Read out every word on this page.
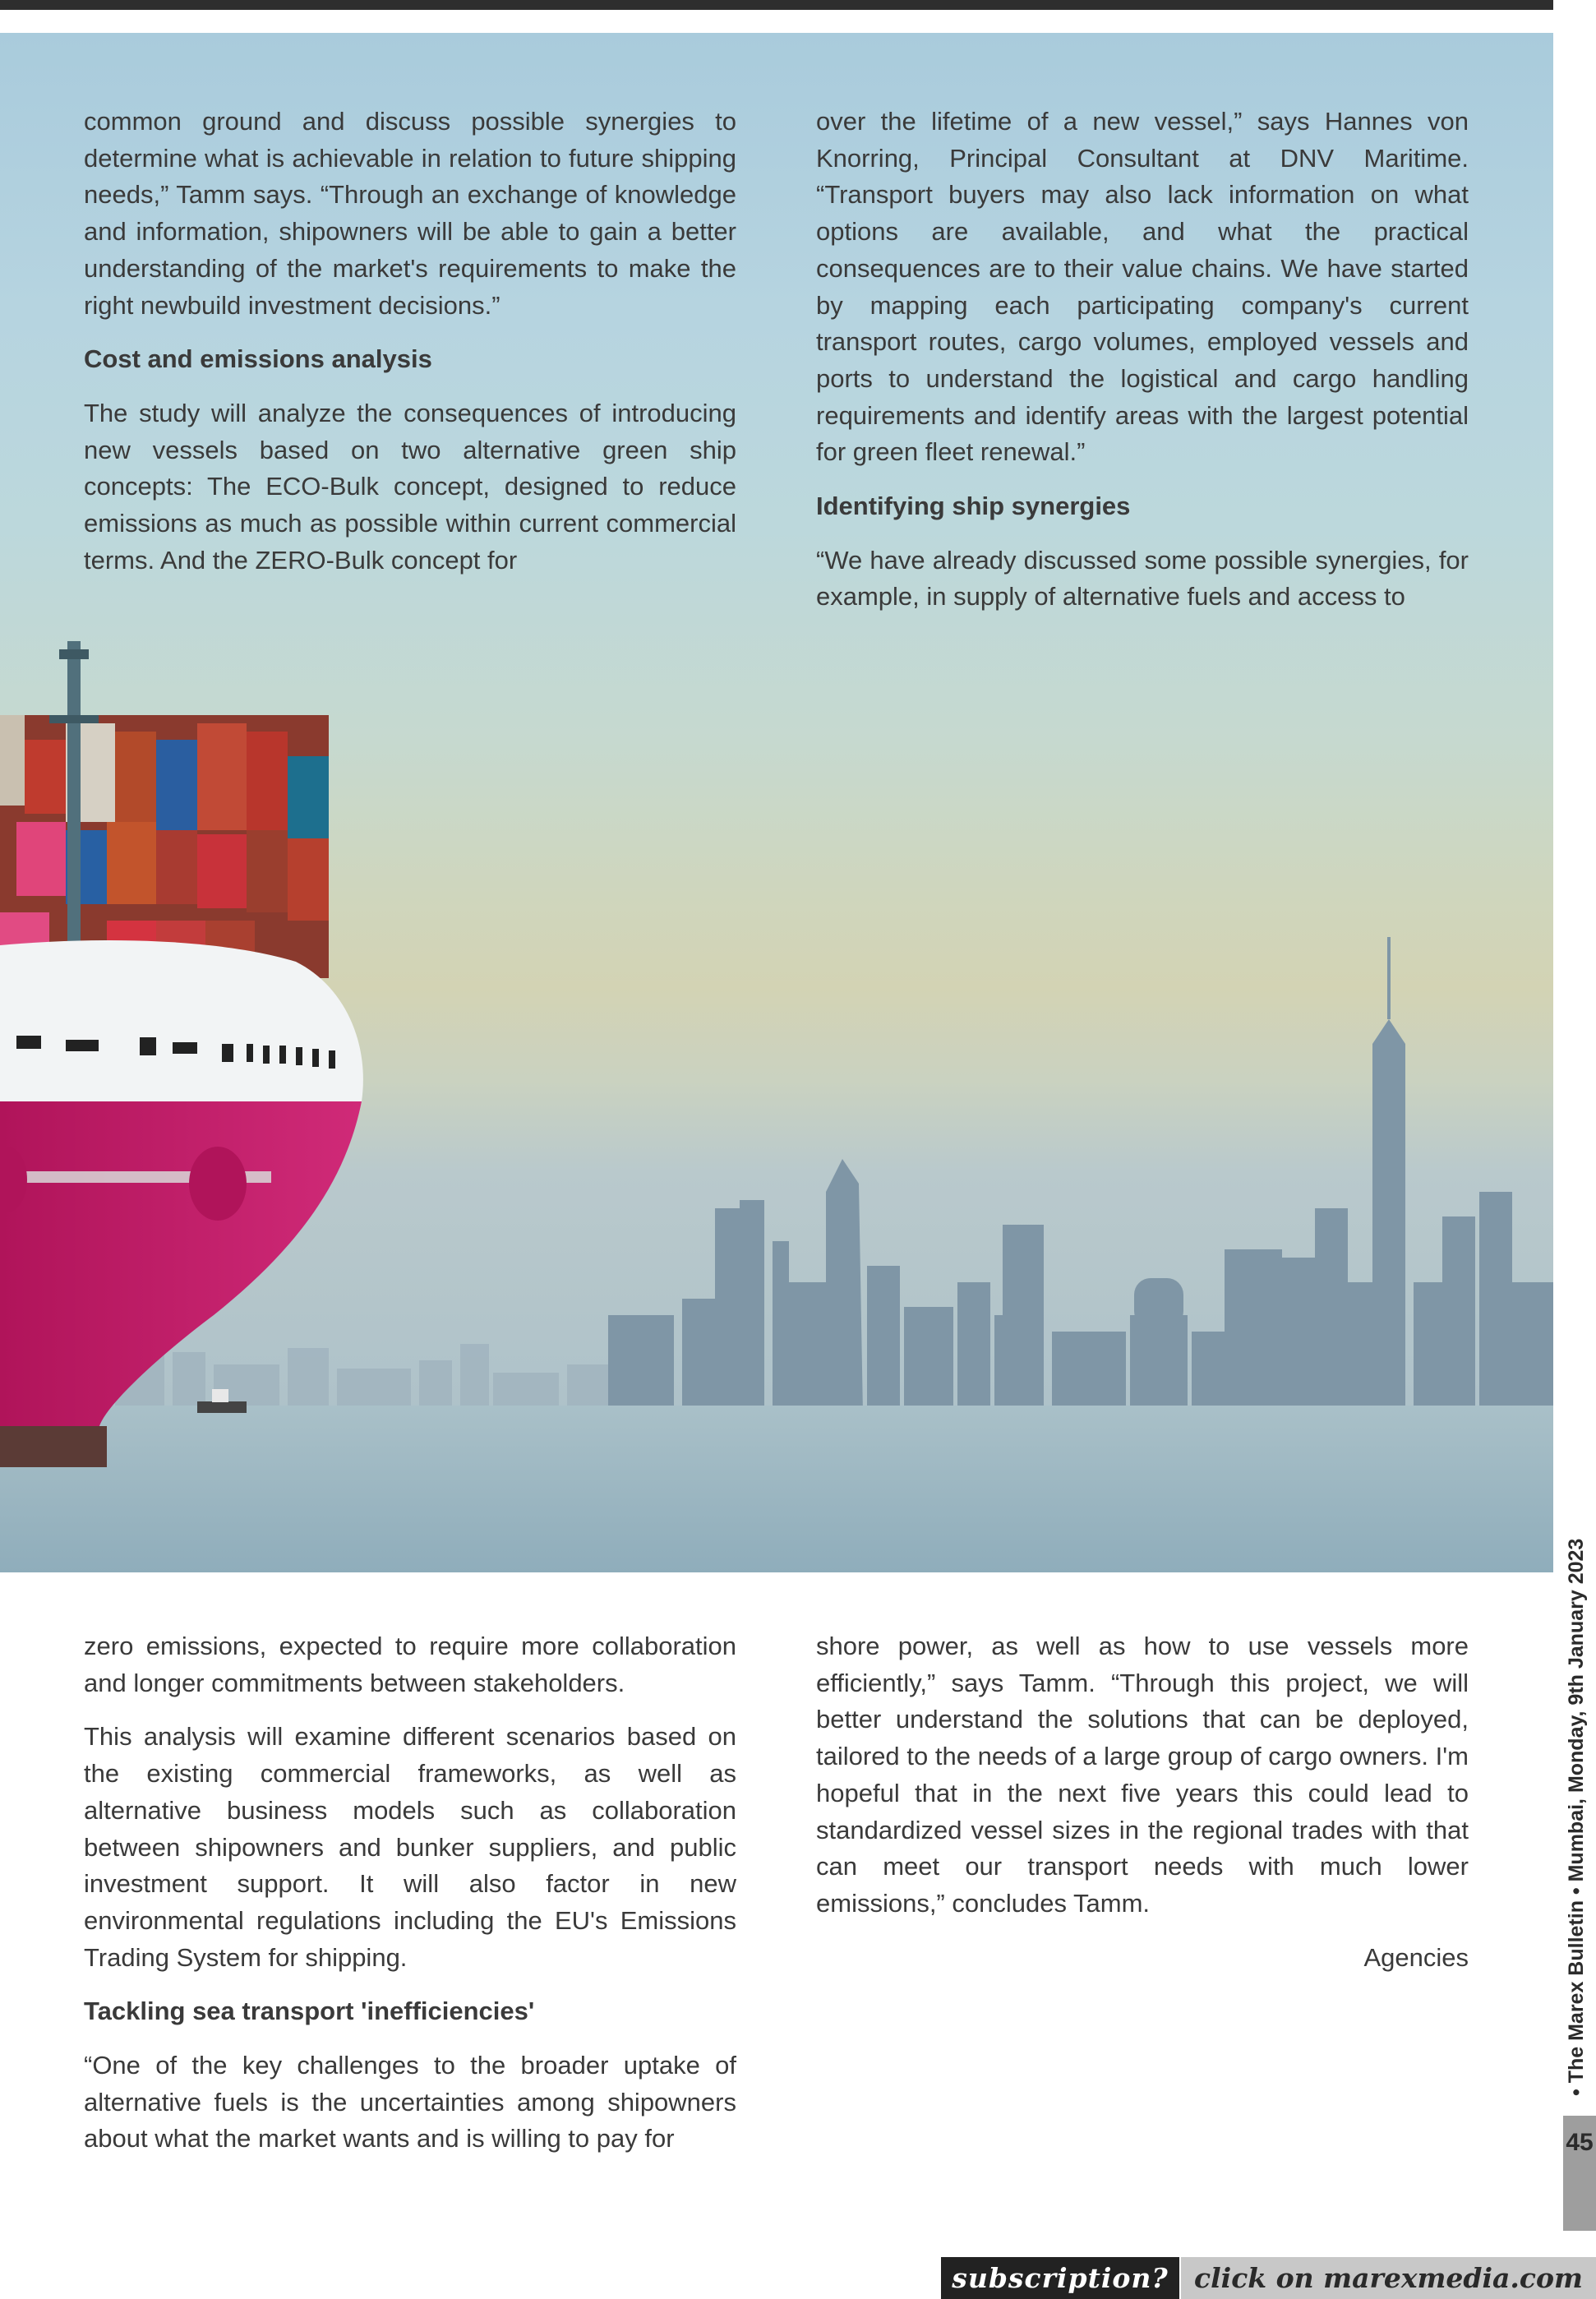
common ground and discuss possible synergies to determine what is achievable in relation to future shipping needs,” Tamm says. “Through an exchange of knowledge and information, shipowners will be able to gain a better understanding of the market's requirements to make the right newbuild investment decisions.”

Cost and emissions analysis

The study will analyze the consequences of introducing new vessels based on two alternative green ship concepts: The ECO-Bulk concept, designed to reduce emissions as much as possible within current commercial terms. And the ZERO-Bulk concept for

over the lifetime of a new vessel,” says Hannes von Knorring, Principal Consultant at DNV Maritime. “Transport buyers may also lack information on what options are available, and what the practical consequences are to their value chains. We have started by mapping each participating company's current transport routes, cargo volumes, employed vessels and ports to understand the logistical and cargo handling requirements and identify areas with the largest potential for green fleet renewal.”

Identifying ship synergies

“We have already discussed some possible synergies, for example, in supply of alternative fuels and access to

zero emissions, expected to require more collaboration and longer commitments between stakeholders.

This analysis will examine different scenarios based on the existing commercial frameworks, as well as alternative business models such as collaboration between shipowners and bunker suppliers, and public investment support. It will also factor in new environmental regulations including the EU's Emissions Trading System for shipping.

Tackling sea transport 'inefficiencies'

“One of the key challenges to the broader uptake of alternative fuels is the uncertainties among shipowners about what the market wants and is willing to pay for

shore power, as well as how to use vessels more efficiently,” says Tamm. “Through this project, we will better understand the solutions that can be deployed, tailored to the needs of a large group of cargo owners. I'm hopeful that in the next five years this could lead to standardized vessel sizes in the regional trades with that can meet our transport needs with much lower emissions,” concludes Tamm.

Agencies	• The Marex Bulletin • Mumbai, Monday, 9th January 2023
45
subscription? click on marexmedia.com
